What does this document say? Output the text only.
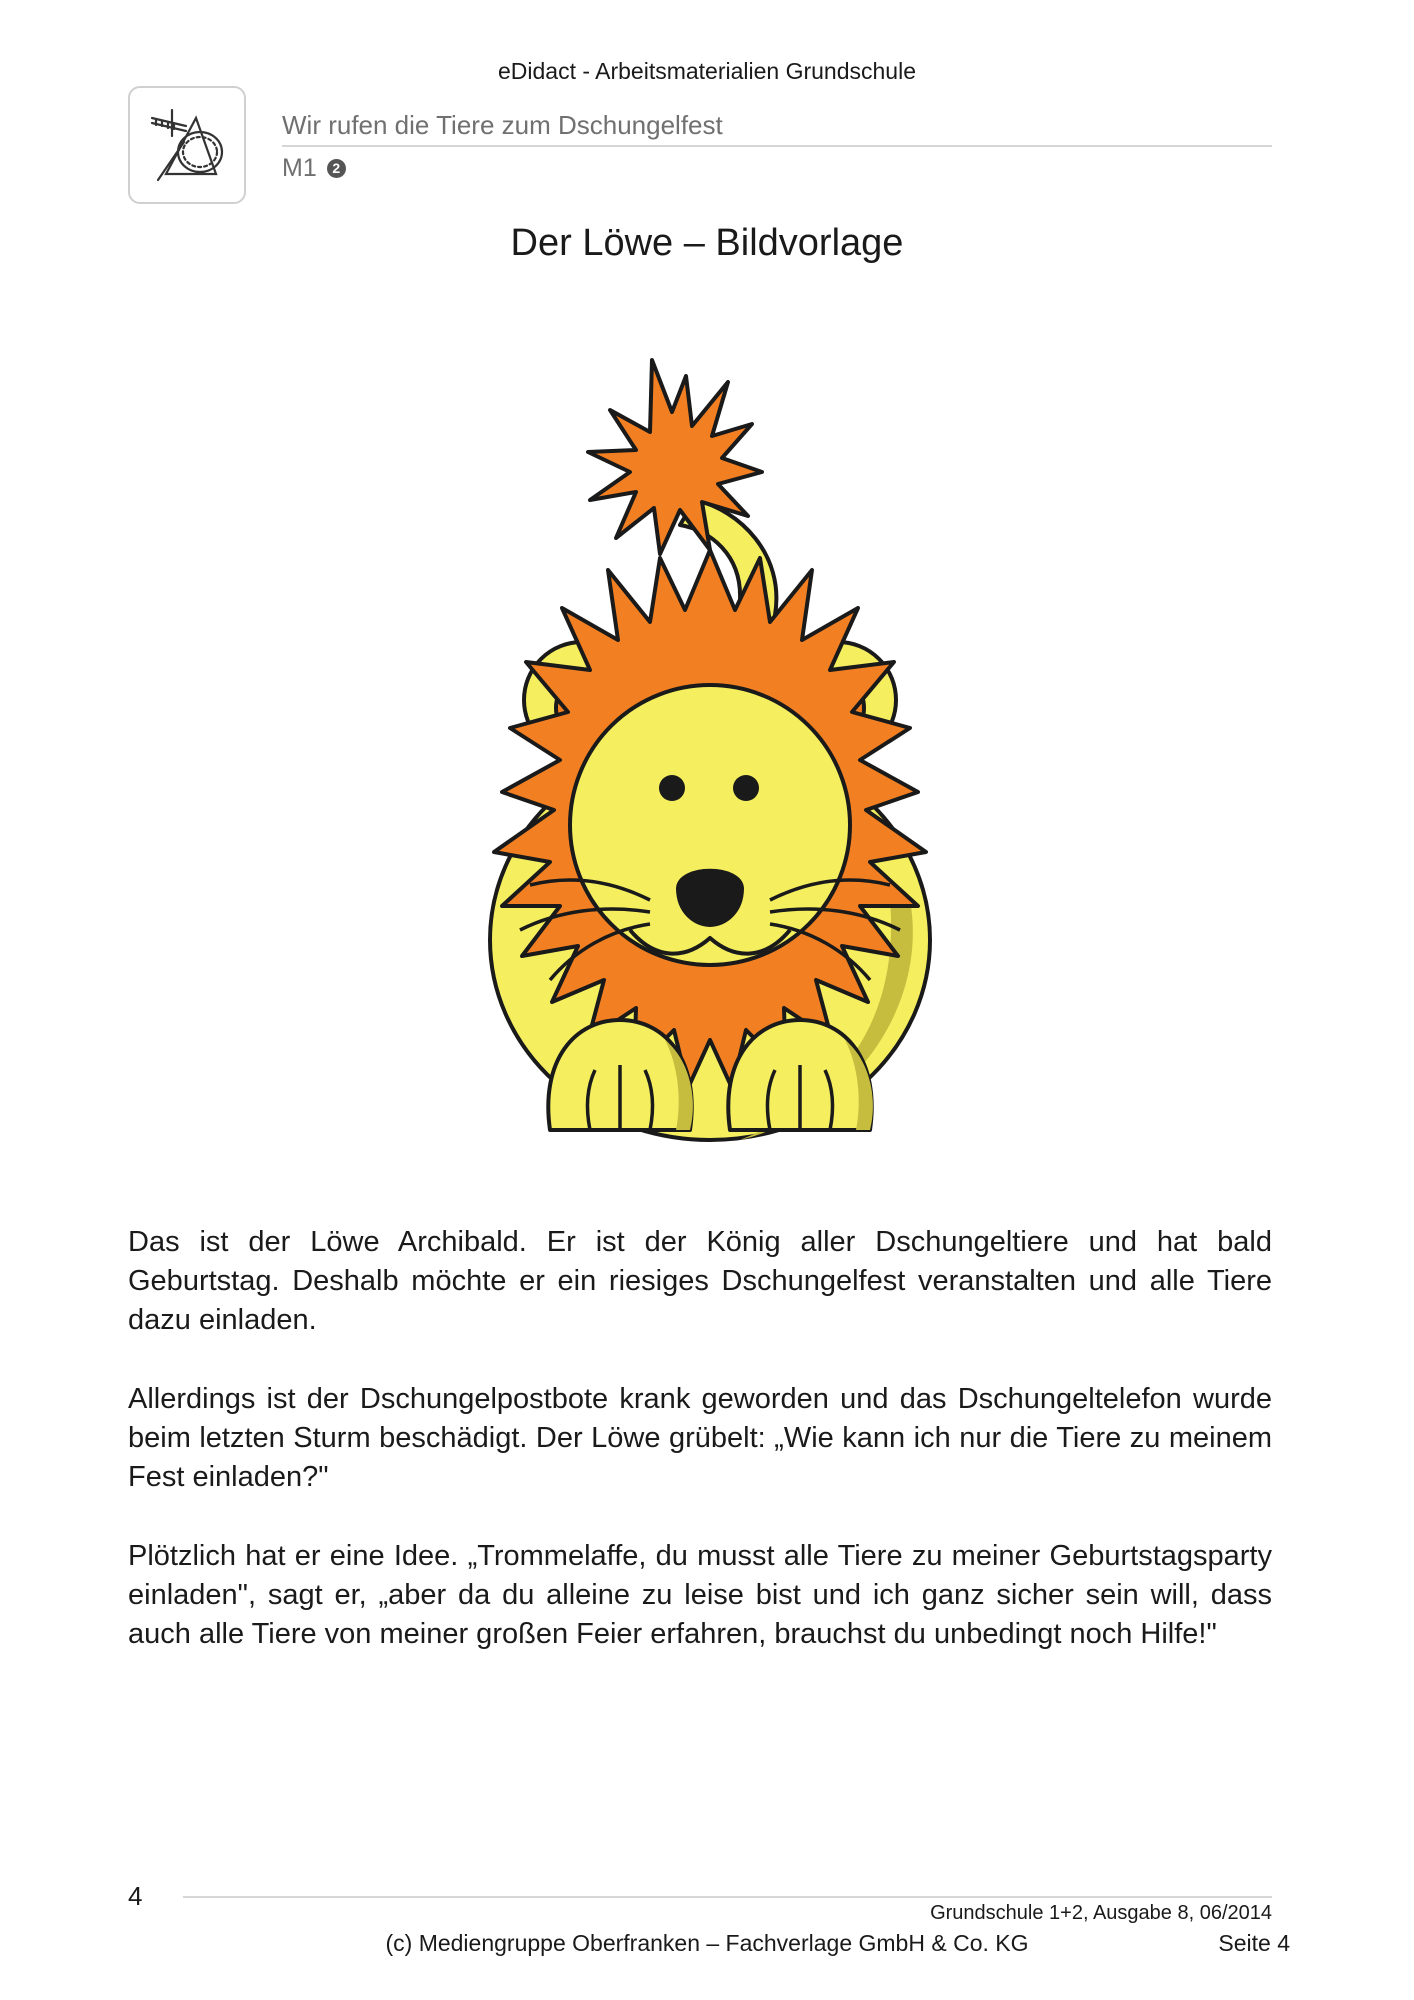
eDidact - Arbeitsmaterialien Grundschule
Wir rufen die Tiere zum Dschungelfest
M1	2
Der Löwe – Bildvorlage

Das ist der Löwe Archibald. Er ist der König aller Dschungeltiere und hat bald Geburtstag. Deshalb möchte er ein riesiges Dschungelfest veranstalten und alle Tiere dazu einladen.

Allerdings ist der Dschungelpostbote krank geworden und das Dschungeltelefon wurde beim letzten Sturm beschädigt. Der Löwe grübelt: „Wie kann ich nur die Tiere zu meinem Fest einladen?"

Plötzlich hat er eine Idee. „Trommelaffe, du musst alle Tiere zu meiner Geburtstagsparty einladen", sagt er, „aber da du alleine zu leise bist und ich ganz sicher sein will, dass auch alle Tiere von meiner großen Feier erfahren, brauchst du unbedingt noch Hilfe!"

4
Grundschule 1+2, Ausgabe 8, 06/2014
(c) Mediengruppe Oberfranken – Fachverlage GmbH & Co. KG	Seite 4
